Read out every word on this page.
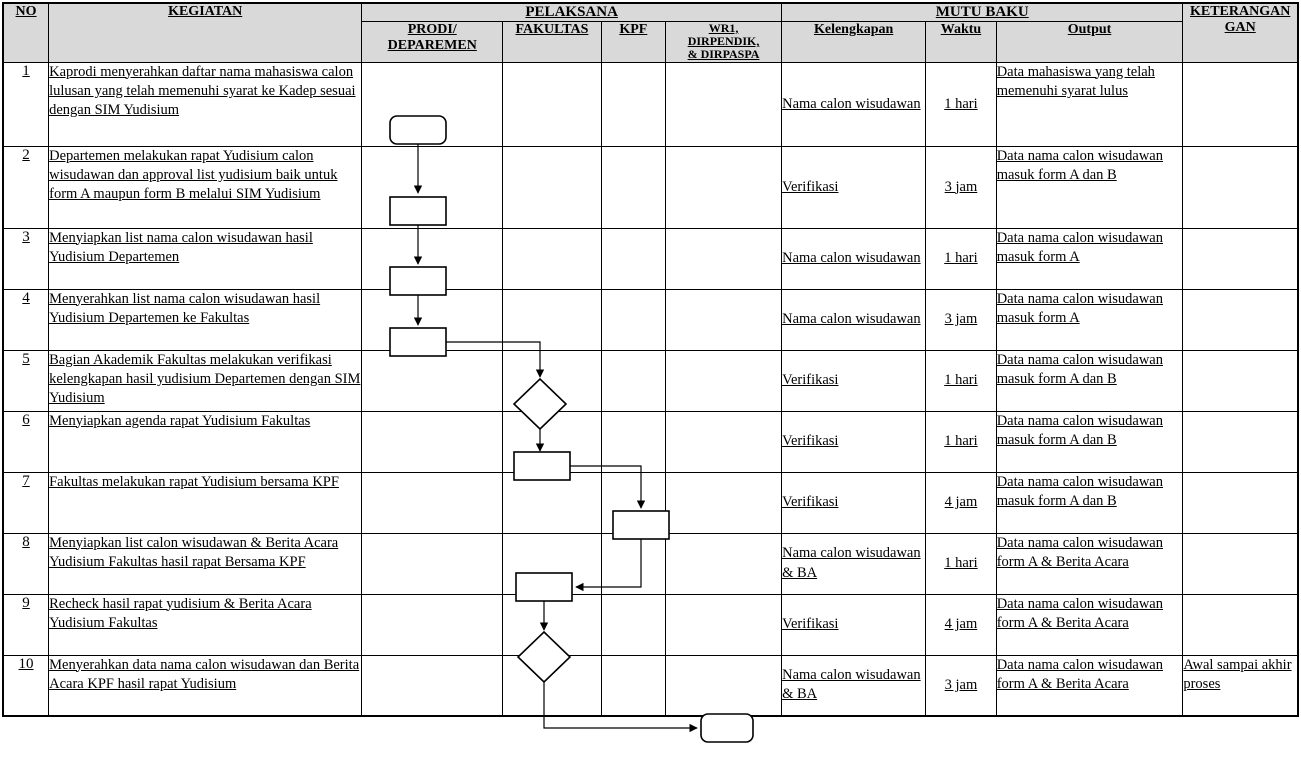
NO	KEGIATAN	PELAKSANA				MUTU BAKU			KETERANGAN
GAN
		PRODI/
DEPAREMEN	FAKULTAS	KPF	WR1,
DIRPENDIK,
& DIRPASPA	Kelengkapan	Waktu	Output	
1	Kaprodi menyerahkan daftar nama mahasiswa calon lulusan yang telah memenuhi syarat ke Kadep sesuai dengan SIM Yudisium					Nama calon wisudawan	1 hari	Data mahasiswa yang telah memenuhi syarat lulus	
2	Departemen melakukan rapat Yudisium calon wisudawan dan approval list yudisium baik untuk form A maupun form B melalui SIM Yudisium					Verifikasi	3 jam	Data nama calon wisudawan masuk form A dan B	
3	Menyiapkan list nama calon wisudawan hasil Yudisium Departemen					Nama calon wisudawan	1 hari	Data nama calon wisudawan masuk form A	
4	Menyerahkan list nama calon wisudawan hasil Yudisium Departemen ke Fakultas					Nama calon wisudawan	3 jam	Data nama calon wisudawan masuk form A	
5	Bagian Akademik Fakultas melakukan verifikasi kelengkapan hasil yudisium Departemen dengan SIM Yudisium					Verifikasi	1 hari	Data nama calon wisudawan masuk form A dan B	
6	Menyiapkan agenda rapat Yudisium Fakultas					Verifikasi	1 hari	Data nama calon wisudawan masuk form A dan B	
7	Fakultas melakukan rapat Yudisium bersama KPF					Verifikasi	4 jam	Data nama calon wisudawan masuk form A dan B	
8	Menyiapkan list calon wisudawan & Berita Acara Yudisium Fakultas hasil rapat Bersama KPF					Nama calon wisudawan & BA	1 hari	Data nama calon wisudawan form A & Berita Acara	
9	Recheck hasil rapat yudisium & Berita Acara Yudisium Fakultas					Verifikasi	4 jam	Data nama calon wisudawan form A & Berita Acara	
10	Menyerahkan data nama calon wisudawan dan Berita Acara KPF hasil rapat Yudisium					Nama calon wisudawan & BA	3 jam	Data nama calon wisudawan form A & Berita Acara	Awal sampai akhir proses
